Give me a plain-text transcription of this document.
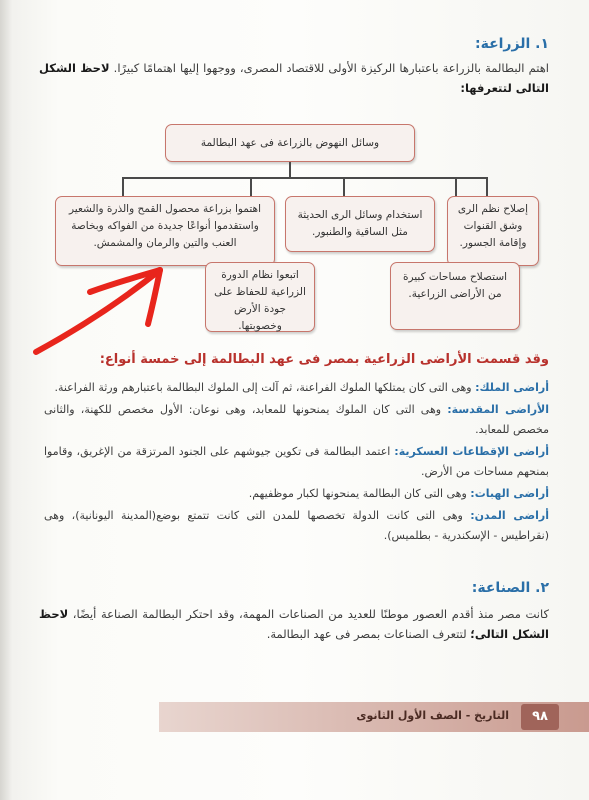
١. الزراعة:
اهتم البطالمة بالزراعة باعتبارها الركيزة الأولى للاقتصاد المصرى، ووجهوا إليها اهتمامًا كبيرًا. لاحظ الشكل التالى لتتعرفها:
وسائل النهوض بالزراعة فى عهد البطالمة
إصلاح نظم الرى وشق القنوات وإقامة الجسور.
استخدام وسائل الرى الحديثة مثل الساقية والطنبور.
اهتموا بزراعة محصول القمح والذرة والشعير واستقدموا أنواعًا جديدة من الفواكه وبخاصة العنب والتين والرمان والمشمش.
استصلاح مساحات كبيرة من الأراضى الزراعية.
اتبعوا نظام الدورة الزراعية للحفاظ على جودة الأرض وخصوبتها.
وقد قسمت الأراضى الزراعية بمصر فى عهد البطالمة إلى خمسة أنواع:
أراضى الملك: وهى التى كان يمتلكها الملوك الفراعنة، ثم آلت إلى الملوك البطالمة باعتبارهم ورثة الفراعنة.
الأراضى المقدسة: وهى التى كان الملوك يمنحونها للمعابد، وهى نوعان: الأول مخصص للكهنة، والثانى مخصص للمعابد.
أراضى الإقطاعات العسكرية: اعتمد البطالمة فى تكوين جيوشهم على الجنود المرتزقة من الإغريق، وقاموا بمنحهم مساحات من الأرض.
أراضى الهبات: وهى التى كان البطالمة يمنحونها لكبار موظفيهم.
أراضى المدن: وهى التى كانت الدولة تخصصها للمدن التى كانت تتمتع بوضع(المدينة اليونانية)، وهى (نقراطيس - الإسكندرية - بطلميس).
٢. الصناعة:
كانت مصر منذ أقدم العصور موطنًا للعديد من الصناعات المهمة، وقد احتكر البطالمة الصناعة أيضًا، لاحظ الشكل التالى؛ لتتعرف الصناعات بمصر فى عهد البطالمة.
التاريخ - الصف الأول الثانوى	٩٨
